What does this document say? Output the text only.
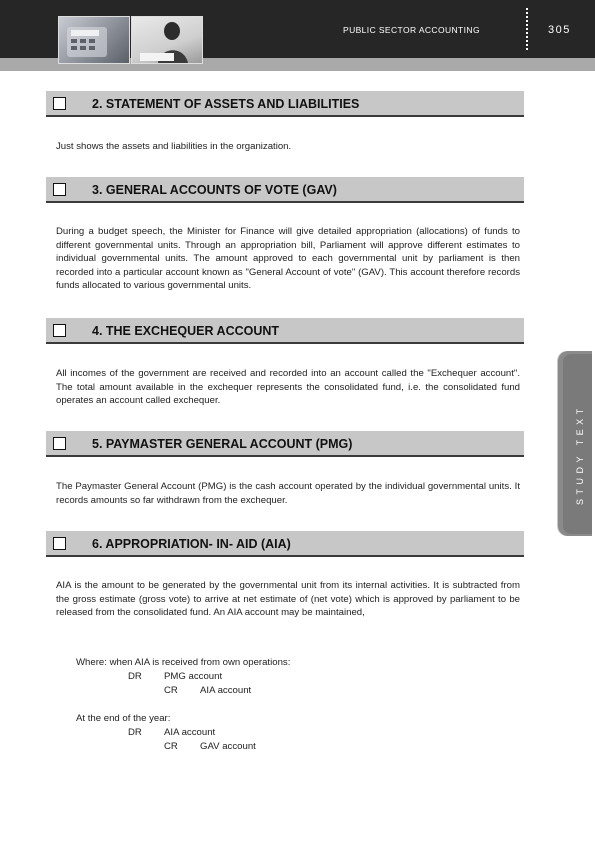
PUBLIC SECTOR ACCOUNTING	305
2. STATEMENT OF ASSETS AND LIABILITIES
Just shows the assets and liabilities in the organization.
3. GENERAL ACCOUNTS OF VOTE (GAV)
During a budget speech, the Minister for Finance will give detailed appropriation (allocations) of funds to different governmental units. Through an appropriation bill, Parliament will approve different estimates to individual governmental units. The amount approved to each governmental unit by parliament is then recorded into a particular account known as "General Account of vote" (GAV). This account therefore records funds allocated to various governmental units.
4. THE EXCHEQUER ACCOUNT
All incomes of the government are received and recorded into an account called the "Exchequer account". The total amount available in the exchequer represents the consolidated fund, i.e. the consolidated fund operates an account called exchequer.
5. PAYMASTER GENERAL ACCOUNT (PMG)
The Paymaster General Account (PMG) is the cash account operated by the individual governmental units. It records amounts so far withdrawn from the exchequer.
6. APPROPRIATION- IN- AID (AIA)
AIA is the amount to be generated by the governmental unit from its internal activities. It is subtracted from the gross estimate (gross vote) to arrive at net estimate of (net vote) which is approved by parliament to be released from the consolidated fund. An AIA account may be maintained,
Where: when AIA is received from own operations:
DR PMG account
CR AIA account
At the end of the year:
DR AIA account
CR GAV account
STUDY TEXT
